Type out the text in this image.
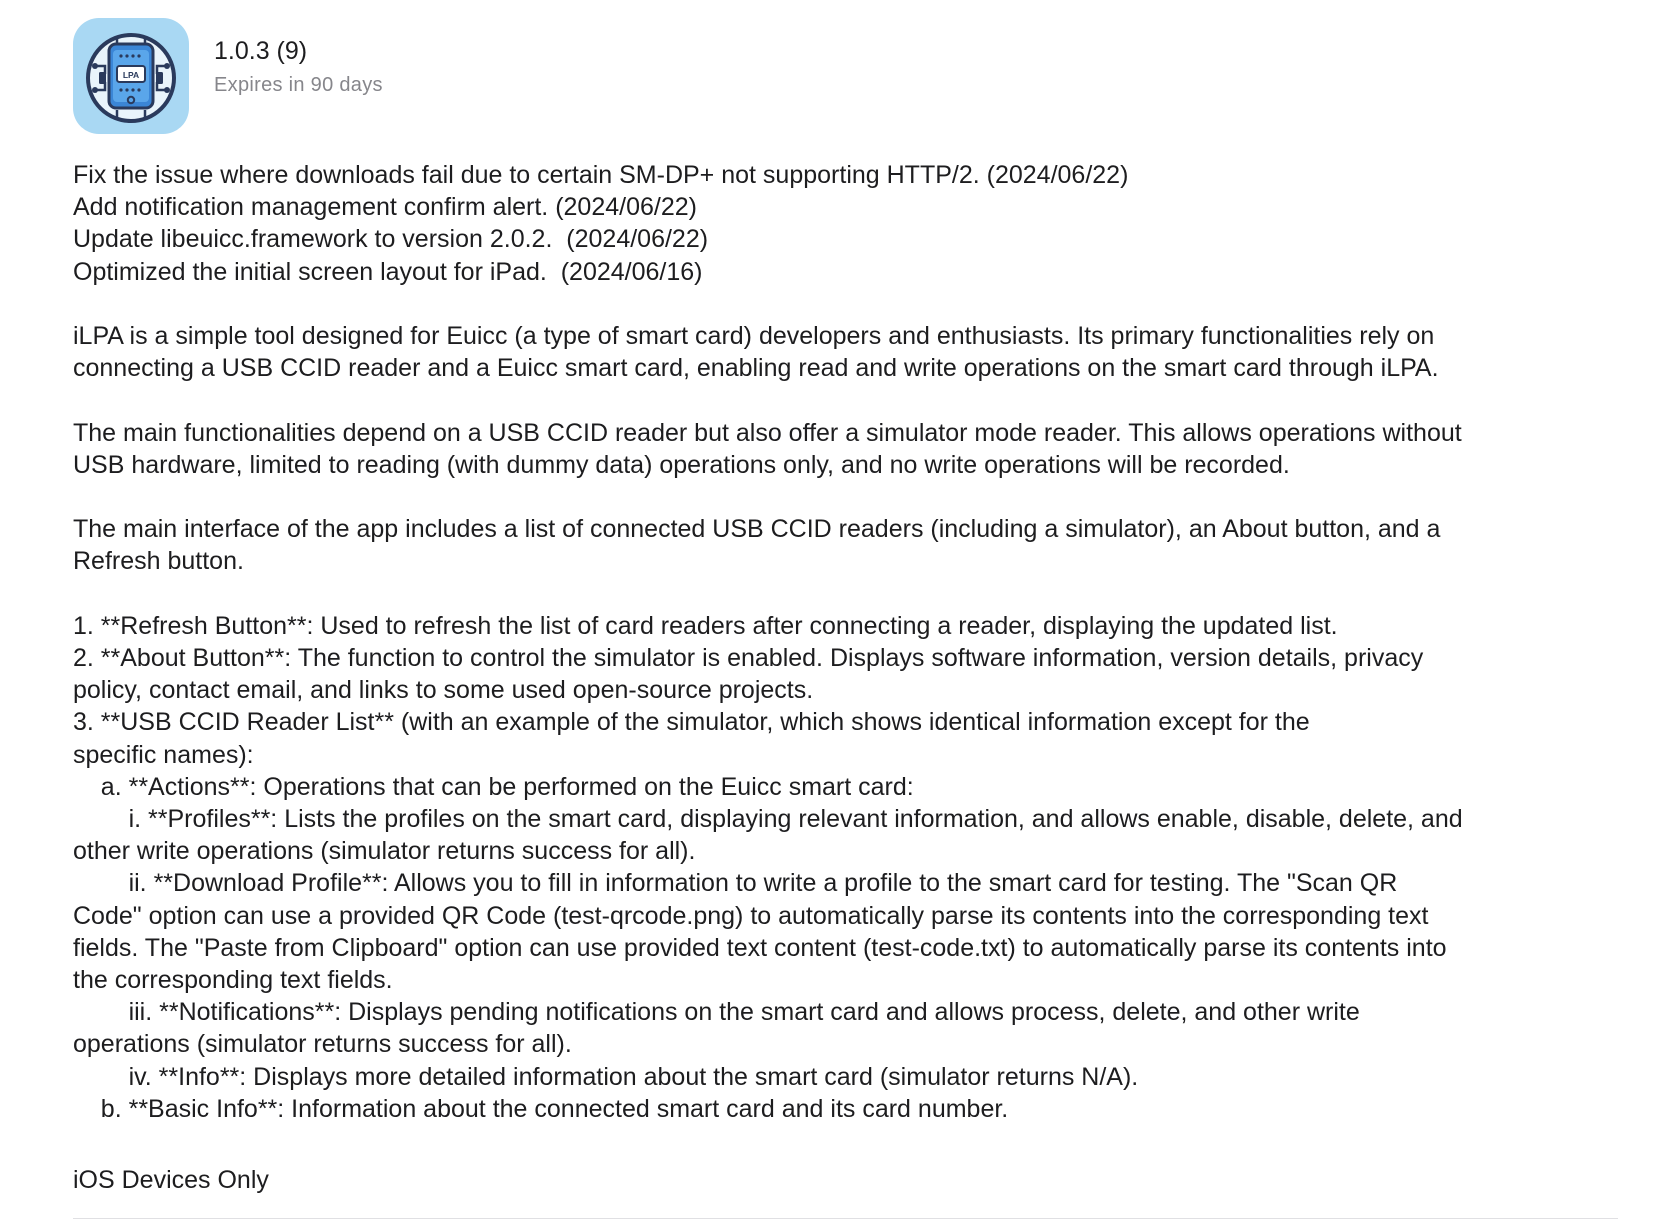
LPA
1.0.3 (9)
Expires in 90 days

Fix the issue where downloads fail due to certain SM-DP+ not supporting HTTP/2. (2024/06/22)
Add notification management confirm alert. (2024/06/22)
Update libeuicc.framework to version 2.0.2.  (2024/06/22)
Optimized the initial screen layout for iPad.  (2024/06/16)

iLPA is a simple tool designed for Euicc (a type of smart card) developers and enthusiasts. Its primary functionalities rely on
connecting a USB CCID reader and a Euicc smart card, enabling read and write operations on the smart card through iLPA.

The main functionalities depend on a USB CCID reader but also offer a simulator mode reader. This allows operations without
USB hardware, limited to reading (with dummy data) operations only, and no write operations will be recorded.

The main interface of the app includes a list of connected USB CCID readers (including a simulator), an About button, and a
Refresh button.

1. **Refresh Button**: Used to refresh the list of card readers after connecting a reader, displaying the updated list.
2. **About Button**: The function to control the simulator is enabled. Displays software information, version details, privacy
policy, contact email, and links to some used open-source projects.
3. **USB CCID Reader List** (with an example of the simulator, which shows identical information except for the
specific names):
a. **Actions**: Operations that can be performed on the Euicc smart card:
i. **Profiles**: Lists the profiles on the smart card, displaying relevant information, and allows enable, disable, delete, and
other write operations (simulator returns success for all).
ii. **Download Profile**: Allows you to fill in information to write a profile to the smart card for testing. The "Scan QR
Code" option can use a provided QR Code (test-qrcode.png) to automatically parse its contents into the corresponding text
fields. The "Paste from Clipboard" option can use provided text content (test-code.txt) to automatically parse its contents into
the corresponding text fields.
iii. **Notifications**: Displays pending notifications on the smart card and allows process, delete, and other write
operations (simulator returns success for all).
iv. **Info**: Displays more detailed information about the smart card (simulator returns N/A).
b. **Basic Info**: Information about the connected smart card and its card number.

iOS Devices Only
